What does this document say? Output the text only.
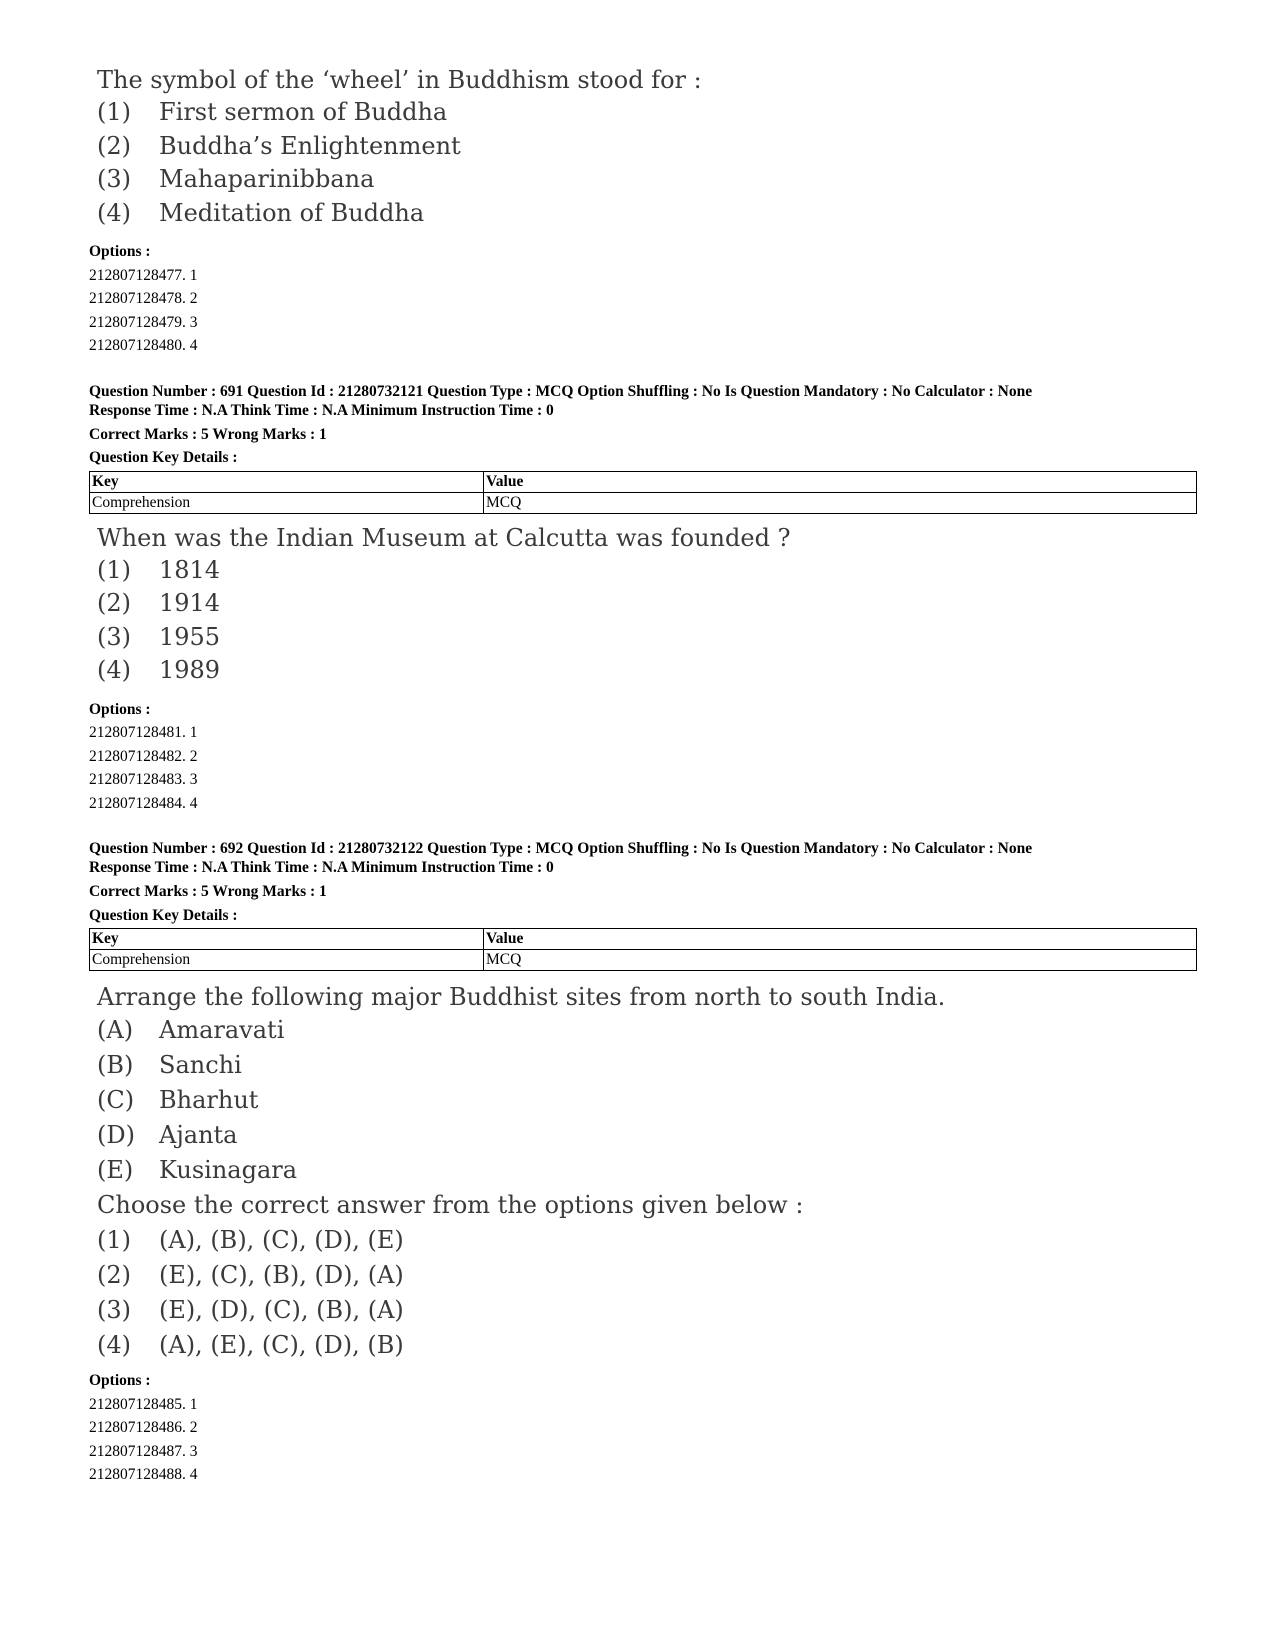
The symbol of the ‘wheel’ in Buddhism stood for :
(1)	First sermon of Buddha
(2)	Buddha’s Enlightenment
(3)	Mahaparinibbana
(4)	Meditation of Buddha
Options :
212807128477. 1
212807128478. 2
212807128479. 3
212807128480. 4
Question Number : 691 Question Id : 21280732121 Question Type : MCQ Option Shuffling : No Is Question Mandatory : No Calculator : None
Response Time : N.A Think Time : N.A Minimum Instruction Time : 0
Correct Marks : 5 Wrong Marks : 1
Question Key Details :
Key	Value
Comprehension	MCQ
When was the Indian Museum at Calcutta was founded ?
(1)	1814
(2)	1914
(3)	1955
(4)	1989
Options :
212807128481. 1
212807128482. 2
212807128483. 3
212807128484. 4
Question Number : 692 Question Id : 21280732122 Question Type : MCQ Option Shuffling : No Is Question Mandatory : No Calculator : None
Response Time : N.A Think Time : N.A Minimum Instruction Time : 0
Correct Marks : 5 Wrong Marks : 1
Question Key Details :
Key	Value
Comprehension	MCQ
Arrange the following major Buddhist sites from north to south India.
(A)	Amaravati
(B)	Sanchi
(C)	Bharhut
(D)	Ajanta
(E)	Kusinagara
Choose the correct answer from the options given below :
(1)	(A), (B), (C), (D), (E)
(2)	(E), (C), (B), (D), (A)
(3)	(E), (D), (C), (B), (A)
(4)	(A), (E), (C), (D), (B)
Options :
212807128485. 1
212807128486. 2
212807128487. 3
212807128488. 4
